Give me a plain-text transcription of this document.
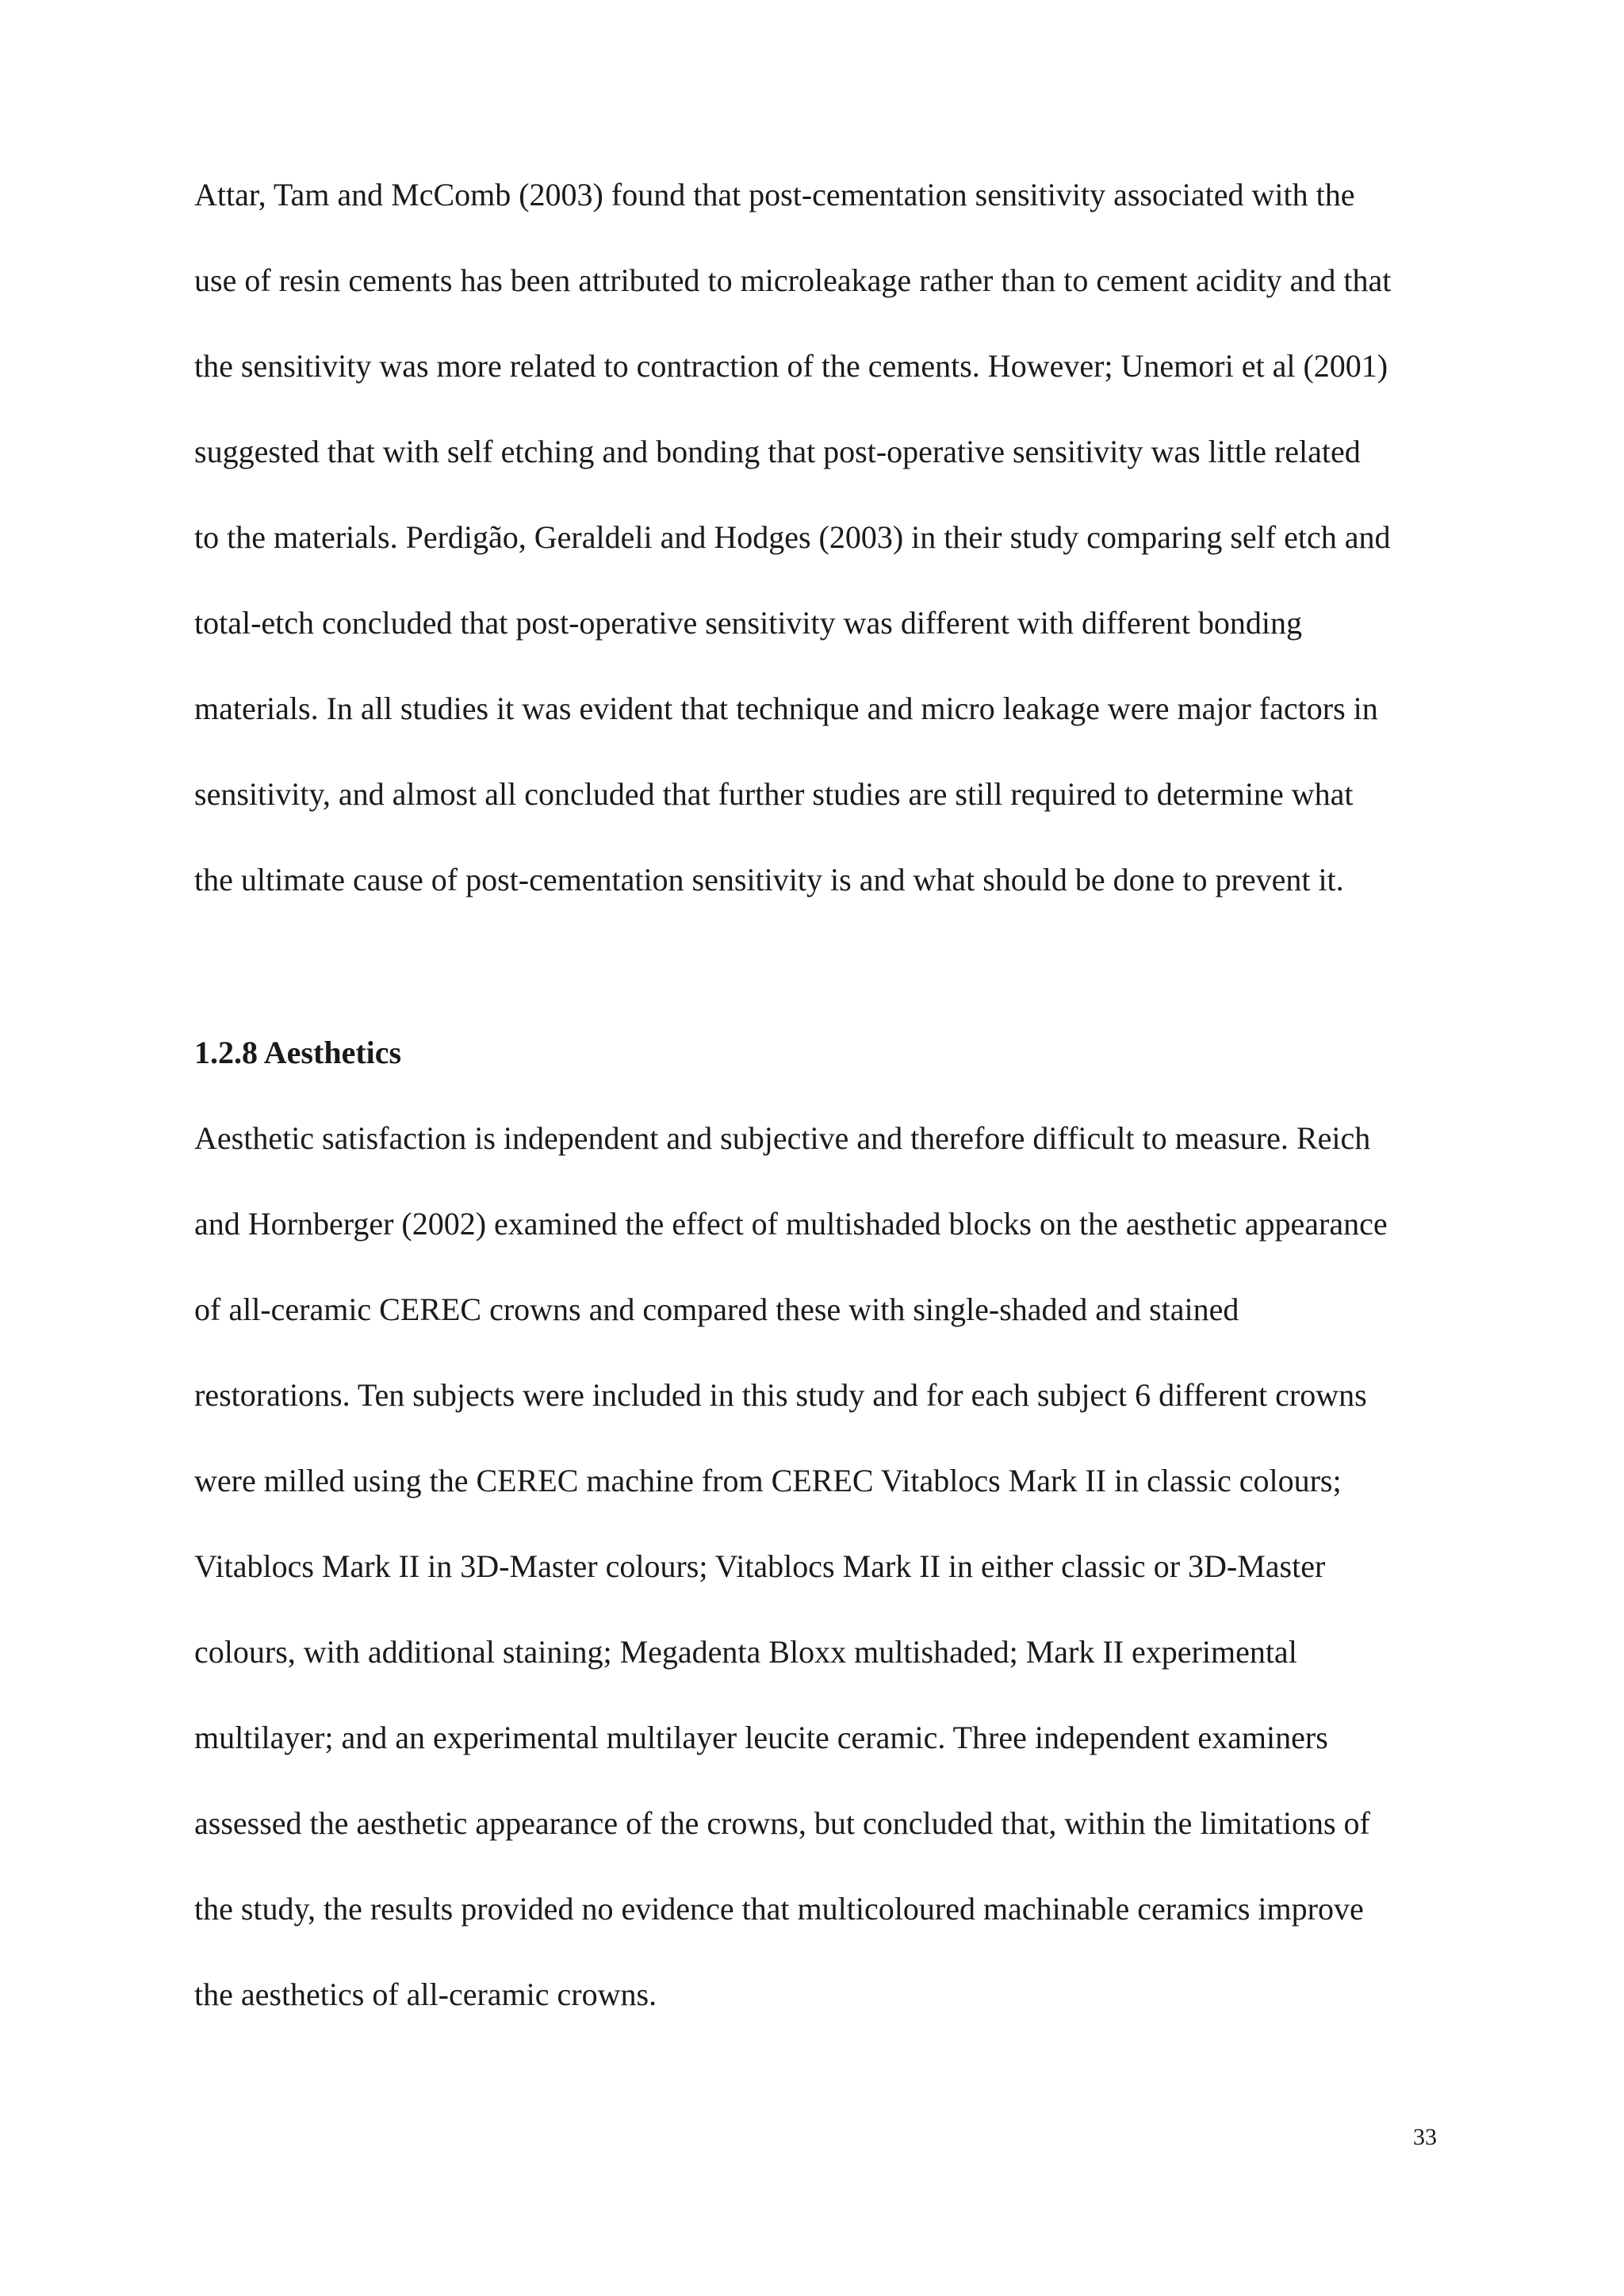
Attar, Tam and McComb (2003) found that post-cementation sensitivity associated with the

use of resin cements has been attributed to microleakage rather than to cement acidity and that

the sensitivity was more related to contraction of the cements. However; Unemori et al (2001)

suggested that with self etching and bonding that post-operative sensitivity was little related

to the materials. Perdigão, Geraldeli and Hodges (2003) in their study comparing self etch and

total-etch concluded that post-operative sensitivity was different with different bonding

materials. In all studies it was evident that technique and micro leakage were major factors in

sensitivity, and almost all concluded that further studies are still required to determine what

the ultimate cause of post-cementation sensitivity is and what should be done to prevent it.

1.2.8 Aesthetics

Aesthetic satisfaction is independent and subjective and therefore difficult to measure. Reich

and Hornberger (2002) examined the effect of multishaded blocks on the aesthetic appearance

of all-ceramic CEREC crowns and compared these with single-shaded and stained

restorations. Ten subjects were included in this study and for each subject 6 different crowns

were milled using the CEREC machine from CEREC Vitablocs Mark II in classic colours;

Vitablocs Mark II in 3D-Master colours; Vitablocs Mark II in either classic or 3D-Master

colours, with additional staining; Megadenta Bloxx multishaded; Mark II experimental

multilayer; and an experimental multilayer leucite ceramic. Three independent examiners

assessed the aesthetic appearance of the crowns, but concluded that, within the limitations of

the study, the results provided no evidence that multicoloured machinable ceramics improve

the aesthetics of all-ceramic crowns.

33
